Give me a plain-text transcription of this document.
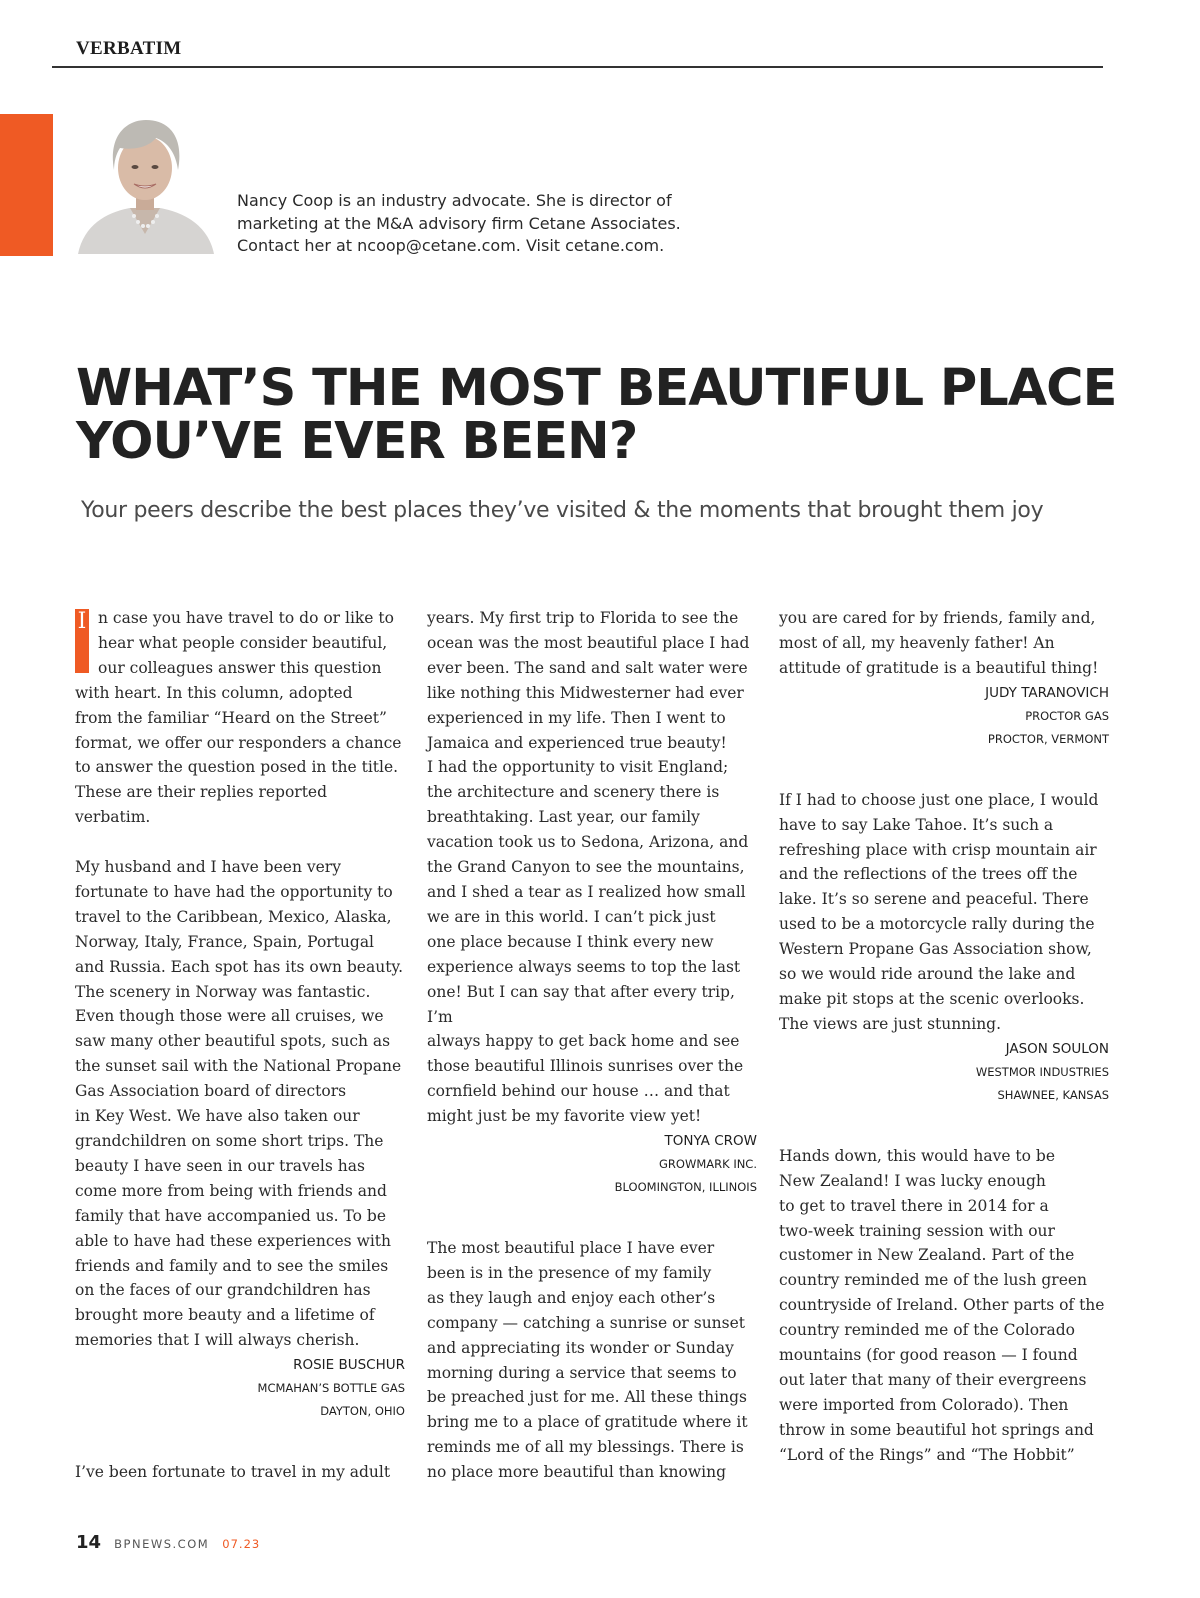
VERBATIM
Nancy Coop is an industry advocate. She is director of
marketing at the M&A advisory firm Cetane Associates.
Contact her at ncoop@cetane.com. Visit cetane.com.
WHAT’S THE MOST BEAUTIFUL PLACE
YOU’VE EVER BEEN?
Your peers describe the best places they’ve visited & the moments that brought them joy
I n case you have travel to do or like to

hear what people consider beautiful,

our colleagues answer this question

with heart. In this column, adopted

from the familiar “Heard on the Street”

format, we offer our responders a chance

to answer the question posed in the title.

These are their replies reported verbatim.

My husband and I have been very

fortunate to have had the opportunity to

travel to the Caribbean, Mexico, Alaska,

Norway, Italy, France, Spain, Portugal

and Russia. Each spot has its own beauty.

The scenery in Norway was fantastic.

Even though those were all cruises, we

saw many other beautiful spots, such as

the sunset sail with the National Propane

Gas Association board of directors

in Key West. We have also taken our

grandchildren on some short trips. The

beauty I have seen in our travels has

come more from being with friends and

family that have accompanied us. To be

able to have had these experiences with

friends and family and to see the smiles

on the faces of our grandchildren has

brought more beauty and a lifetime of

memories that I will always cherish.

ROSIE BUSCHUR
MCMAHAN’S BOTTLE GAS
DAYTON, OHIO

I’ve been fortunate to travel in my adult

years. My first trip to Florida to see the

ocean was the most beautiful place I had

ever been. The sand and salt water were

like nothing this Midwesterner had ever

experienced in my life. Then I went to

Jamaica and experienced true beauty!

I had the opportunity to visit England;

the architecture and scenery there is

breathtaking. Last year, our family

vacation took us to Sedona, Arizona, and

the Grand Canyon to see the mountains,

and I shed a tear as I realized how small

we are in this world. I can’t pick just

one place because I think every new

experience always seems to top the last

one! But I can say that after every trip, I’m

always happy to get back home and see

those beautiful Illinois sunrises over the

cornfield behind our house … and that

might just be my favorite view yet!

TONYA CROW
GROWMARK INC.
BLOOMINGTON, ILLINOIS

The most beautiful place I have ever

been is in the presence of my family

as they laugh and enjoy each other’s

company — catching a sunrise or sunset

and appreciating its wonder or Sunday

morning during a service that seems to

be preached just for me. All these things

bring me to a place of gratitude where it

reminds me of all my blessings. There is

no place more beautiful than knowing

you are cared for by friends, family and,

most of all, my heavenly father! An

attitude of gratitude is a beautiful thing!

JUDY TARANOVICH
PROCTOR GAS
PROCTOR, VERMONT

If I had to choose just one place, I would

have to say Lake Tahoe. It’s such a

refreshing place with crisp mountain air

and the reflections of the trees off the

lake. It’s so serene and peaceful. There

used to be a motorcycle rally during the

Western Propane Gas Association show,

so we would ride around the lake and

make pit stops at the scenic overlooks.

The views are just stunning.

JASON SOULON
WESTMOR INDUSTRIES
SHAWNEE, KANSAS

Hands down, this would have to be

New Zealand! I was lucky enough

to get to travel there in 2014 for a

two-week training session with our

customer in New Zealand. Part of the

country reminded me of the lush green

countryside of Ireland. Other parts of the

country reminded me of the Colorado

mountains (for good reason — I found

out later that many of their evergreens

were imported from Colorado). Then

throw in some beautiful hot springs and

“Lord of the Rings” and “The Hobbit”

14 BPNEWS.COM 07.23
